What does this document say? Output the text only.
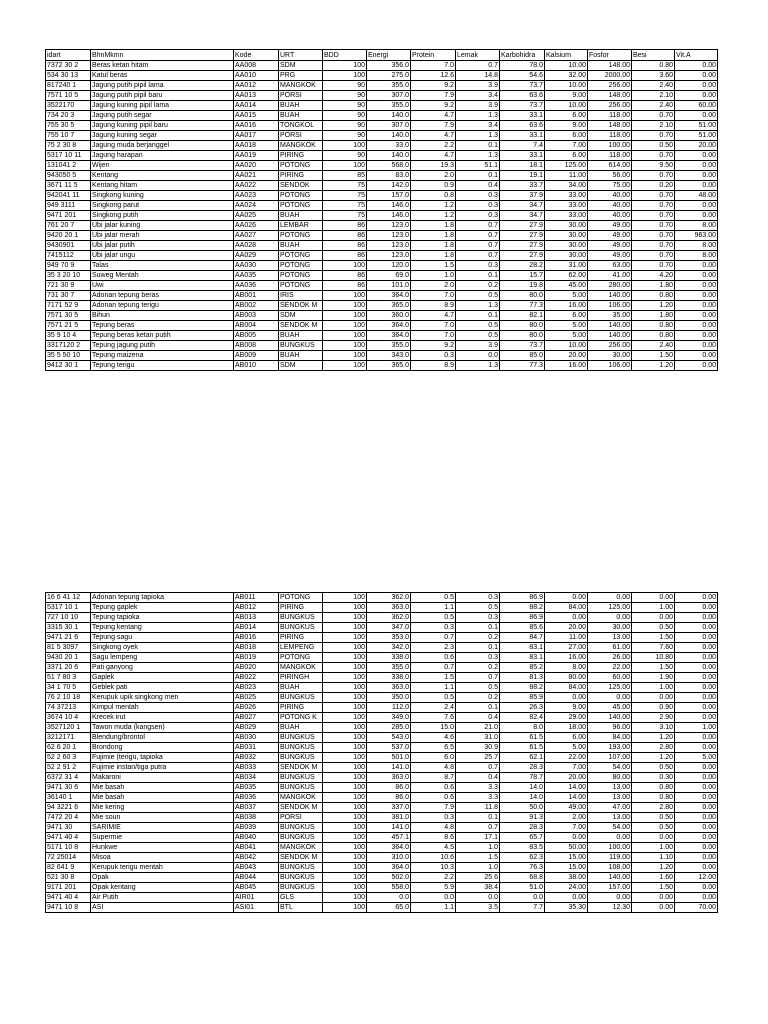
idart	BhnMkmn	Kode	URT	BDD	Energi	Protein	Lemak	Karbohidra	Kalsium	Fosfor	Besi	Vit.A
7372 30 2	Beras ketan hitam	AA008	SDM	100	356.0	7.0	0.7	78.0	10.00	148.00	0.80	0.00
534 30 13	Katul beras	AA010	PRG	100	275.0	12.6	14.8	54.6	32.00	2000.00	3.60	0.00
817240 1	Jagung putih pipil lama	AA012	MANGKOK	90	355.0	9.2	3.9	73.7	10.00	256.00	2.40	0.00
7571 10 5	Jagung putih pipil baru	AA013	PORSI	90	307.0	7.9	3.4	63.6	9.00	148.00	2.10	0.00
3522170	Jagung kuning pipil lama	AA014	BUAH	90	355.0	9.2	3.9	73.7	10.00	256.00	2.40	60.00
734 20 3	Jagung putih segar	AA015	BUAH	90	140.0	4.7	1.3	33.1	6.00	118.00	0.70	0.00
755 30 5	Jagung kuning pipil baru	AA016	TONGKOL	90	307.0	7.9	3.4	63.6	9.00	148.00	2.10	51.00
755 10 7	Jagung kuning segar	AA017	PORSI	90	140.0	4.7	1.3	33.1	6.00	118.00	0.70	51.00
75 2 30 8	Jagung muda berjanggel	AA018	MANGKOK	100	33.0	2.2	0.1	7.4	7.00	100.00	0.50	20.00
5317 10 11	Jagung harapan	AA019	PIRING	90	140.0	4.7	1.3	33.1	6.00	118.00	0.70	0.00
131041 2	Wijen	AA020	POTONG	100	568.0	19.3	51.1	18.1	125.00	614.00	9.50	0.00
943050 5	Kentang	AA021	PIRING	85	83.0	2.0	0.1	19.1	11.00	56.00	0.70	0.00
3671 11 5	Kentang hitam	AA022	SENDOK	75	142.0	0.9	0.4	33.7	34.00	75.00	0.20	0.00
942041 11	Singkong kuning	AA023	POTONG	75	157.0	0.8	0.3	37.9	33.00	40.00	0.70	48.00
949 3111	Singkong parut	AA024	POTONG	75	146.0	1.2	0.3	34.7	33.00	40.00	0.70	0.00
9471 201	Singkong putih	AA025	BUAH	75	146.0	1.2	0.3	34.7	33.00	40.00	0.70	0.00
761 20 7	Ubi jalar kuning	AA026	LEMBAR	86	123.0	1.8	0.7	27.9	30.00	49.00	0.70	8.00
9420 20 1	Ubi jalar merah	AA027	POTONG	86	123.0	1.8	0.7	27.9	30.00	49.00	0.70	963.00
9430901	Ubi jalar putih	AA028	BUAH	86	123.0	1.8	0.7	27.9	30.00	49.00	0.70	8.00
7415112	Ubi jalar ungu	AA029	POTONG	86	123.0	1.8	0.7	27.9	30.00	49.00	0.70	8.00
949 70 9	Talas	AA030	POTONG	100	120.0	1.5	0.3	28.2	31.00	63.00	0.70	0.00
35 3 20 10	Suweg Mentah	AA035	POTONG	86	69.0	1.0	0.1	15.7	62.00	41.00	4.20	0.00
721 30 9	Uwi	AA036	POTONG	86	101.0	2.0	0.2	19.8	45.00	280.00	1.80	0.00
731 30 7	Adonan tepung beras	AB001	IRIS	100	364.0	7.0	0.5	80.0	5.00	140.00	0.80	0.00
7171 52 9	Adonan tepung terigu	AB002	SENDOK M	100	365.0	8.9	1.3	77.3	16.00	106.00	1.20	0.00
7571 30 5	Bihun	AB003	SDM	100	360.0	4.7	0.1	82.1	6.00	35.00	1.80	0.00
7571 21 5	Tepung beras	AB004	SENDOK M	100	364.0	7.0	0.5	80.0	5.00	140.00	0.80	0.00
35 9 10 4	Tepung beras ketan putih	AB005	BUAH	100	364.0	7.0	0.5	80.0	5.00	140.00	0.80	0.00
3317120 2	Tepung jagung putih	AB008	BUNGKUS	100	355.0	9.2	3.9	73.7	10.00	256.00	2.40	0.00
35 5 50 10	Tepung maizena	AB009	BUAH	100	343.0	0.3	0.0	85.0	20.00	30.00	1.50	0.00
9412 30 1	Tepung terigu	AB010	SDM	100	365.0	8.9	1.3	77.3	16.00	106.00	1.20	0.00
16 6 41 12	Adonan tepung tapioka	AB011	POTONG	100	362.0	0.5	0.3	86.9	0.00	0.00	0.00	0.00
5317 10 1	Tepung gaplek	AB012	PIRING	100	363.0	1.1	0.5	88.2	84.00	125.00	1.00	0.00
727 10 10	Tepung tapioka	AB013	BUNGKUS	100	362.0	0.5	0.3	86.9	0.00	0.00	0.00	0.00
3315 30 1	Tepung kentang	AB014	BUNGKUS	100	347.0	0.3	0.1	85.6	20.00	30.00	0.50	0.00
9471 21 6	Tepung sagu	AB016	PIRING	100	353.0	0.7	0.2	84.7	11.00	13.00	1.50	0.00
81 5 3097	Singkong oyek	AB018	LEMPENG	100	342.0	2.3	0.1	83.1	27.00	61.00	7.60	0.00
9430 20 1	Sagu lempeng	AB019	POTONG	100	338.0	0.6	0.3	83.1	16.00	26.00	10.80	0.00
3371 20 6	Pati ganyong	AB020	MANGKOK	100	355.0	0.7	0.2	85.2	8.00	22.00	1.50	0.00
51 7 80 3	Gaplek	AB022	PIRINGH	100	338.0	1.5	0.7	81.3	80.00	60.00	1.90	0.00
34 1 70 5	Geblek pati	AB023	BUAH	100	363.0	1.1	0.5	88.2	84.00	125.00	1.00	0.00
76 2 10 18	Kerupuk upik singkong men	AB025	BUNGKUS	100	350.0	0.5	0.2	85.9	0.00	0.00	0.00	0.00
74 37213	Kimpul mentah	AB026	PIRING	100	112.0	2.4	0.1	26.3	9.00	45.00	0.90	0.00
3674 10 4	Krecek irut	AB027	POTONG K	100	349.0	7.6	0.4	82.4	29.00	140.00	2.90	0.00
3527120 1	Tawon muda (kangsen)	AB029	BUAH	100	285.0	15.0	21.0	8.0	18.00	96.00	3.10	1.00
3212171	Blendung/brontol	AB030	BUNGKUS	100	543.0	4.6	31.0	61.5	6.00	84.00	1.20	0.00
62 6 20 1	Brondong	AB031	BUNGKUS	100	537.0	6.5	30.9	61.5	5.00	193.00	2.80	0.00
52 2 60 3	Fujimie (terigu, tapioka	AB032	BUNGKUS	100	501.0	6.0	25.7	62.1	22.00	107.00	1.20	5.00
52 2 91 2	Fujimie instan/tiga putra	AB033	SENDOK M	100	141.0	4.8	0.7	28.3	7.00	54.00	0.50	0.00
6372 31 4	Makaroni	AB034	BUNGKUS	100	363.0	8.7	0.4	78.7	20.00	80.00	0.30	0.00
9471 30 6	Mie basah	AB035	BUNGKUS	100	86.0	0.6	3.3	14.0	14.00	13.00	0.80	0.00
36140 1	Mie basah	AB036	MANGKOK	100	86.0	0.6	3.3	14.0	14.00	13.00	0.80	0.00
94 3221 6	Mie kering	AB037	SENDOK M	100	337.0	7.9	11.8	50.0	49.00	47.00	2.80	0.00
7472 20 4	Mie soun	AB038	PORSI	100	381.0	0.3	0.1	91.3	2.00	13.00	0.50	0.00
9471 30	SARIMIE	AB039	BUNGKUS	100	141.0	4.8	0.7	28.3	7.00	54.00	0.50	0.00
9471 40 4	Supermie	AB040	BUNGKUS	100	457.1	8.6	17.1	65.7	0.00	0.00	0.00	0.00
5171 10 8	Hunkwe	AB041	MANGKOK	100	364.0	4.5	1.0	83.5	50.00	100.00	1.00	0.00
72 25014	Misoa	AB042	SENDOK M	100	310.0	10.6	1.5	62.3	15.00	119.00	1.10	0.00
82 641 9	Kerupuk terigu mentah	AB043	BUNGKUS	100	364.0	10.3	1.0	76.3	15.00	108.00	1.20	0.00
521 30 8	Opak	AB044	BUNGKUS	100	502.0	2.2	25.6	68.8	38.00	140.00	1.60	12.00
9171 201	Opak kentang	AB045	BUNGKUS	100	558.0	5.9	38.4	51.0	24.00	157.00	1.50	0.00
9471 40 4	Air Putih	AIR01	GLS	100	0.0	0.0	0.0	0.0	0.00	0.00	0.00	0.00
9471 10 8	ASI	ASI01	BTL	100	65.0	1.1	3.5	7.7	35.30	12.30	0.00	70.00
